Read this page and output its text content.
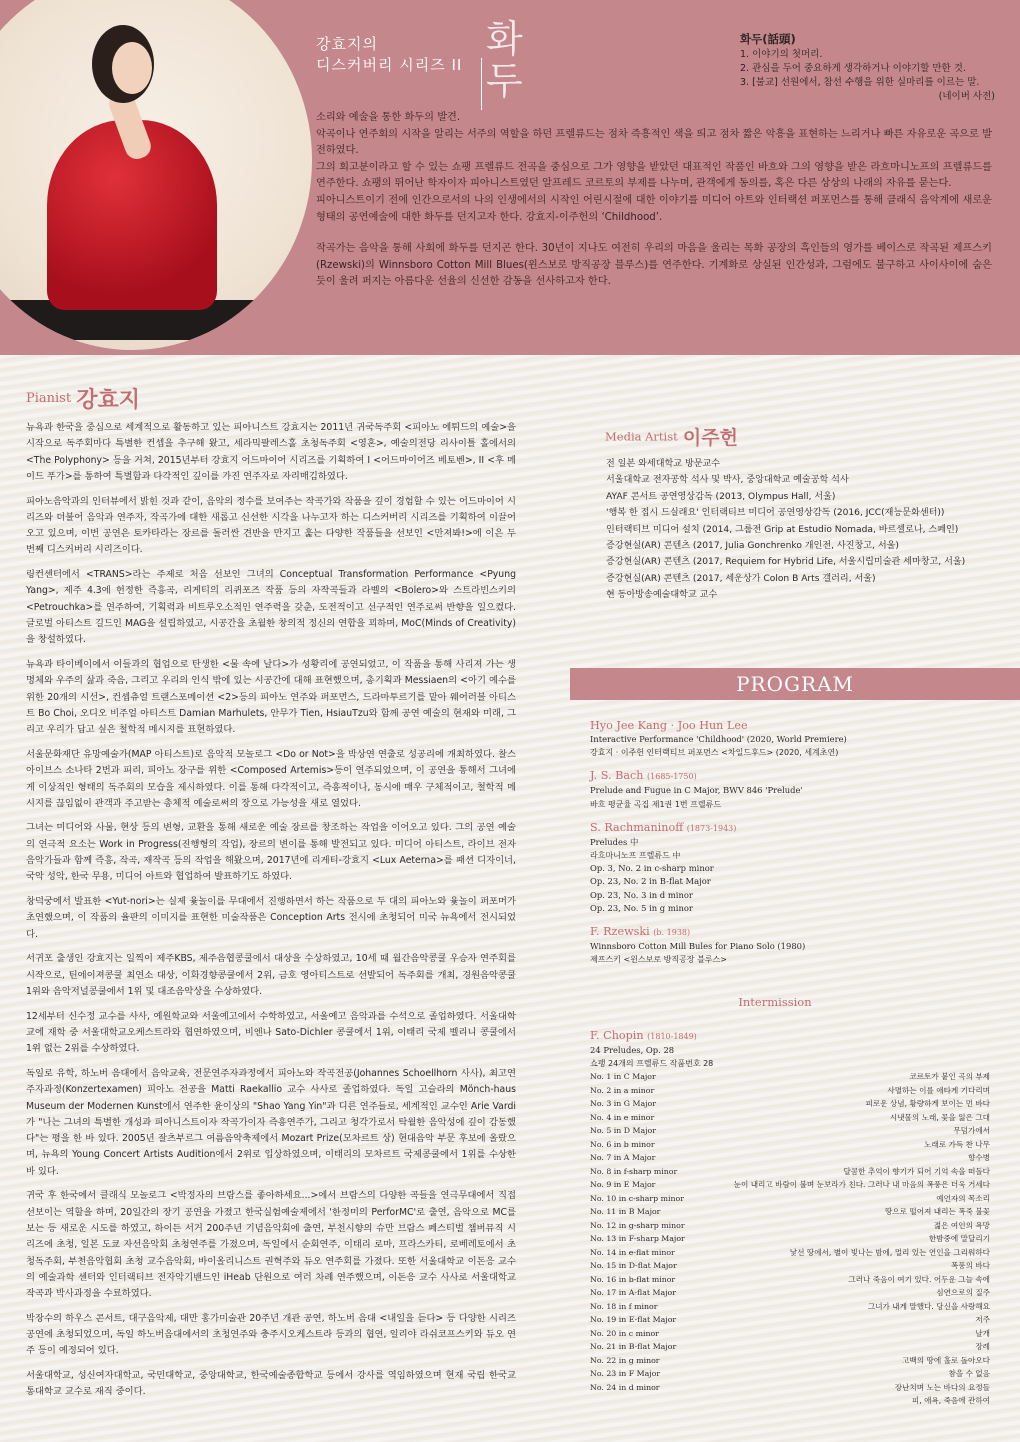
강효지의
디스커버리 시리즈 II
화
두
화두(話頭)
1. 이야기의 첫머리.
2. 관심을 두어 중요하게 생각하거나 이야기할 만한 것.
3. [불교] 선원에서, 참선 수행을 위한 실마리를 이르는 말.
(네이버 사전)

소리와 예술을 통한 화두의 발견.

악곡이나 연주회의 시작을 알리는 서주의 역할을 하던 프렐류드는 점차 즉흥적인 색을 띄고 점차 짧은 악흥을 표현하는 느리거나 빠른 자유로운 곡으로 발전하였다.

그의 회고분이라고 할 수 있는 쇼팽 프렐류드 전곡을 중심으로 그가 영향을 받았던 대표적인 작품인 바흐와 그의 영향을 받은 라흐마니노프의 프렐류드를 연주한다. 쇼팽의 뛰어난 학자이자 피아니스트였던 알프레드 코르토의 부제를 나누며, 관객에게 동의를, 혹은 다른 상상의 나래의 자유를 묻는다.

피아니스트이기 전에 인간으로서의 나의 인생에서의 시작인 어린시절에 대한 이야기를 미디어 아트와 인터랙션 퍼포먼스를 통해 클래식 음악계에 새로운 형태의 공연예술에 대한 화두를 던지고자 한다. 강효지-이주헌의 ‘Childhood’.

작곡가는 음악을 통해 사회에 화두를 던지곤 한다. 30년이 지나도 여전히 우리의 마음을 울리는 목화 공장의 흑인들의 영가를 베이스로 작곡된 제프스키(Rzewski)의 Winnsboro Cotton Mill Blues(윈스보로 방직공장 블루스)를 연주한다. 기계화로 상실된 인간성과, 그럼에도 불구하고 사이사이에 숨은 듯이 울려 퍼지는 아름다운 선율의 신선한 감동을 선사하고자 한다.

Pianist 강효지

뉴욕과 한국을 중심으로 세계적으로 활동하고 있는 피아니스트 강효지는 2011년 귀국독주회 <피아노 에튀드의 예술>을 시작으로 독주회마다 특별한 컨셉을 추구해 왔고, 세라믹팔레스홀 초청독주회 <영혼>, 예술의전당 리사이틀 홀에서의 <The Polyphony> 등을 거쳐, 2015년부터 강효지 어드마이어 시리즈를 기획하여 I <어드마이어즈 베토벤>, II <후 메이드 푸가>를 통하여 특별함과 다각적인 깊이를 가진 연주자로 자리매김하였다.

피아노음악과의 인터뷰에서 밝힌 것과 같이, 음악의 정수를 보여주는 작곡가와 작품을 깊이 경험할 수 있는 어드마이어 시리즈와 더불어 음악과 연주자, 작곡가에 대한 새롭고 신선한 시각을 나누고자 하는 디스커버리 시리즈를 기획하여 이끌어 오고 있으며, 이번 공연은 토카타라는 장르를 돌러싼 견반을 만지고 훑는 다양한 작품들을 선보인 <만져봐!>에 이은 두 번째 디스커버리 시리즈이다.

링컨센터에서 <TRANS>라는 주제로 처음 선보인 그녀의 Conceptual Transformation Performance <Pyung Yang>, 제주 4.3에 헌정한 즉흥곡, 리게티의 리퀴포즈 작품 등의 자작곡들과 라벨의 <Bolero>와 스트라빈스키의 <Petrouchka>를 연주하여, 기획력과 비트루오소적인 연주력을 갖춘, 도전적이고 선구적인 연주로써 반향을 일으켰다. 글로벌 아티스트 길드인 MAG을 설립하였고, 시공간을 초월한 창의적 정신의 연합을 꾀하며, MoC(Minds of Creativity)을 창설하였다.

뉴욕과 타이베이에서 이들과의 협업으로 탄생한 <물 속에 날다>가 성황리에 공연되었고, 이 작품을 통해 사리져 가는 생명체와 우주의 삶과 죽음, 그리고 우리의 인식 밖에 있는 시공간에 대해 표현했으며, 총기획과 Messiaen의 <아기 예수를 위한 20개의 시선>, 컨셉츄얼 트랜스포메이션 <2>등의 피아노 연주와 퍼포먼스, 드라마투르기를 맡아 웨어러블 아티스트 Bo Choi, 오디오 비주얼 아티스트 Damian Marhulets, 안무가 Tien, HsiauTzu와 함께 공연 예술의 현재와 미래, 그리고 우리가 답고 싶은 철학적 메시지를 표현하였다.

서울문화재단 유망예술가(MAP 아티스트)로 음악적 모놀로그 <Do or Not>을 박상연 연출로 성공리에 개최하였다. 찰스 아이브스 소나타 2번과 피리, 피아노 장구를 위한 <Composed Artemis>등이 연주되었으며, 이 공연을 통해서 그녀에게 이상적인 형태의 독주회의 모습을 제시하였다. 이를 통해 다각적이고, 즉흥적이나, 동시에 매우 구체적이고, 철학적 메시지를 끊임없이 관객과 주고받는 총체적 예술로써의 장으로 가능성을 새로 열었다.

그녀는 미디어와 사물, 현상 등의 변형, 교환을 통해 새로운 예술 장르를 창조하는 작업을 이어오고 있다. 그의 공연 예술의 연극적 요소는 Work in Progress(진행형의 작업), 장르의 변이를 통해 발전되고 있다. 미디어 아티스트, 라이브 전자 음악가들과 함께 즉흥, 작곡, 재작곡 등의 작업을 해왔으며, 2017년에 리게티-강효지 <Lux Aeterna>를 패션 디자이너, 국악 성악, 한국 무용, 미디어 아트와 협업하여 발표하기도 하였다.

창덕궁에서 발표한 <Yut-nori>는 실제 윷놀이를 무대에서 진행하면서 하는 작품으로 두 대의 피아노와 윷놀이 퍼포머가 초연했으며, 이 작품의 율판의 이미지를 표현한 미술작품은 Conception Arts 전시에 초청되어 미국 뉴욕에서 전시되었다.

서귀포 출생인 강효지는 일찍이 제주KBS, 제주음협콩쿨에서 대상을 수상하였고, 10세 때 월간음악콩쿨 우승자 연주회를 시작으로, 틴에이져콩쿨 최연소 대상, 이화경향콩쿨에서 2위, 금호 영아티스트로 선발되어 독주회를 개최, 경원음악콩쿨 1위와 음악저널콩쿨에서 1위 및 대조음악상을 수상하였다.

12세부터 신수정 교수를 사사, 예원학교와 서울예고에서 수학하였고, 서울예고 음악과를 수석으로 졸업하였다. 서울대학교에 재학 중 서울대학교오케스트라와 협연하였으며, 비엔나 Sato-Dichler 콩쿨에서 1위, 이태리 국제 벨리니 콩쿨에서 1위 없는 2위를 수상하였다.

독일로 유학, 하노버 음대에서 음악교육, 전문연주자과정에서 피아노와 작곡전공(Johannes Schoellhorn 사사), 최고연주자과정(Konzertexamen) 피아노 전공을 Matti Raekallio 교수 사사로 졸업하였다. 독일 고슬라의 Mönch-haus Museum der Modernen Kunst에서 연주한 윤이상의 "Shao Yang Yin"과 디른 연주들로, 세계적인 교수인 Arie Vardi가 "나는 그녀의 특별한 개성과 피아니스트이자 작곡가이자 즉흥연주가, 그리고 청각가로서 탁월한 음악성에 깊이 감동했다"는 평을 한 바 있다. 2005년 잘츠부르그 여름음악축제에서 Mozart Prize(모차르트 상) 현대음악 부문 후보에 올랐으며, 뉴욕의 Young Concert Artists Audition에서 2위로 입상하였으며, 이태리의 모차르트 국제콩쿨에서 1위를 수상한 바 있다.

귀국 후 한국에서 클래식 모놀로그 <박정자의 브람스를 좋아하세요...>에서 브람스의 다양한 곡들을 연극무대에서 직접 선보이는 역할을 하며, 20일간의 장기 공연을 가졌고 한국실험예술제에서 '한정미의 PerforMC'로 출연, 음악으로 MC를 보는 등 새로운 시도를 하였고, 하이든 서거 200주년 기념음악회에 출연, 부천시향의 슈만 브람스 페스티벌 챔버뮤직 시리즈에 초청, 일본 도쿄 자선음악회 초청연주를 가졌으며, 독일에서 순회연주, 이태리 로마, 프라스카티, 로베레토에서 초청독주회, 부천음악협회 초청 교수음악회, 바이올리니스트 권혁주와 듀오 연주회를 가졌다. 또한 서울대학교 이돈응 교수의 예술과학 센터와 인터랙티브 전자악기밴드인 iHeab 단원으로 여러 차례 연주했으며, 이돈응 교수 사사로 서울대학교 작곡과 박사과정을 수료하였다.

박장수의 하우스 콘서트, 대구음악제, 대만 홍가미술관 20주년 개관 공연, 하노버 음대 <내일을 듣다> 등 다양한 시리즈 공연에 초청되었으며, 독일 하노버음대에서의 초청연주와 충주시오케스트라 등과의 협연, 일리야 라쉬코프스키와 듀오 연주 등이 예정되어 있다.

서울대학교, 성신여자대학교, 국민대학교, 중앙대학교, 한국예술종합학교 등에서 강사를 역임하였으며 현재 국립 한국교통대학교 교수로 재직 중이다.

Media Artist 이주헌
전 일본 와세대학교 방문교수
서울대학교 전자공학 석사 및 박사, 중앙대학교 예술공학 석사
AYAF 콘서트 공연영상감독 (2013, Olympus Hall, 서울)
'행복 한 접시 드실래요' 인터랙티브 미디어 공연영상감독 (2016, JCC(재능문화센터))
인터랙티브 미디어 설치 (2014, 그룹전 Grip at Estudio Nomada, 바르셀로나, 스페인)
증강현실(AR) 콘텐츠 (2017, Julia Gonchrenko 개인전, 사진창고, 서울)
증강현실(AR) 콘텐츠 (2017, Requiem for Hybrid Life, 서울시립미술관 세마창고, 서울)
증강현실(AR) 콘텐츠 (2017, 세운상가 Colon B Arts 갤러리, 서울)
현 동아방송예술대학교 교수
PROGRAM

Hyo Jee Kang · Joo Hun Lee

Interactive Performance 'Childhood' (2020, World Premiere)

강효지 · 이주헌 인터랙티브 퍼포먼스 <차일드후드> (2020, 세계초연)

J. S. Bach (1685-1750)

Prelude and Fugue in C Major, BWV 846 'Prelude'

바흐 평균율 곡집 제1권 1번 프렐류드

S. Rachmaninoff (1873-1943)

Preludes 中

라흐마니노프 프렐류드 中

Op. 3, No. 2 in c-sharp minor

Op. 23, No. 2 in B-flat Major

Op. 23, No. 3 in d minor

Op. 23, No. 5 in g minor

F. Rzewski (b. 1938)

Winnsboro Cotton Mill Bules for Piano Solo (1980)

제프스키 <윈스보로 방직공장 블루스>

Intermission

F. Chopin (1810-1849)

24 Preludes, Op. 28

쇼팽 24개의 프렐류드 작품번호 28

No. 1 in C Major	코르토가 붙인 곡의 부제
No. 2 in a minor	사멸하는 이를 애타게 기다리며
No. 3 in G Major	피로운 상념, 황량하게 보이는 먼 바다
No. 4 in e minor	시냇물의 노래, 꽃을 잃은 그대
No. 5 in D Major	무덤가에서
No. 6 in b minor	노래로 가득 찬 나무
No. 7 in A Major	향수병
No. 8 in f-sharp minor	달콤한 추억이 향기가 되어 기억 속을 떠돌다
No. 9 in E Major	눈이 내리고 바람이 불며 눈보라가 친다. 그러나 내 마음의 폭풍은 더욱 거세다
No. 10 in c-sharp minor	예언자의 목소리
No. 11 in B Major	땅으로 떨어져 내리는 폭죽 불꽃
No. 12 in g-sharp minor	젊은 여인의 욕망
No. 13 in F-sharp Major	한밤중에 말달리기
No. 14 in e-flat minor	낯선 땅에서, 별이 빛나는 밤에, 멀리 있는 연인을 그리워하다
No. 15 in D-flat Major	폭풍의 바다
No. 16 in b-flat minor	그러나 죽음이 여기 있다. 어두운 그늘 속에
No. 17 in A-flat Major	심연으로의 질주
No. 18 in f minor	그녀가 내게 말했다. 당신을 사랑해요
No. 19 in E-flat Major	저주
No. 20 in c minor	날개
No. 21 in B-flat Major	장례
No. 22 in g minor	고백의 땅에 홀로 돌아오다
No. 23 in F Major	참을 수 없음
No. 24 in d minor	장난치며 노는 바다의 요정들
피, 애욕, 죽음에 관하여
